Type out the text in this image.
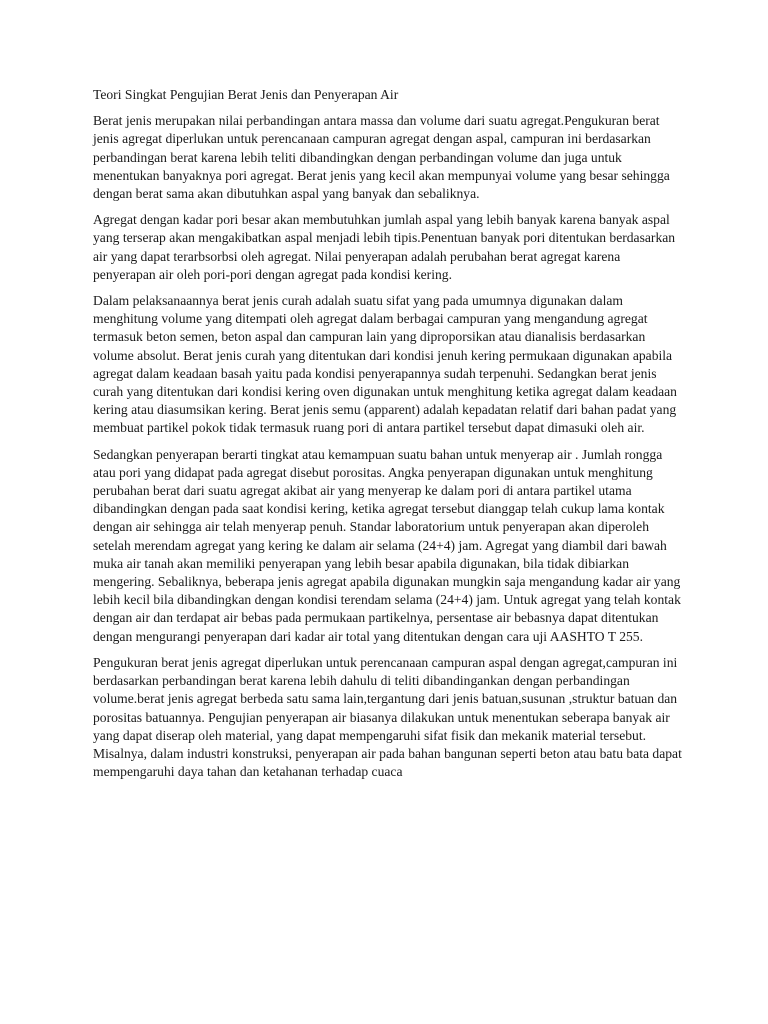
Teori Singkat Pengujian Berat Jenis dan Penyerapan Air

Berat jenis merupakan nilai perbandingan antara massa dan volume dari suatu agregat.Pengukuran berat jenis agregat diperlukan untuk perencanaan campuran agregat dengan aspal, campuran ini berdasarkan perbandingan berat karena lebih teliti dibandingkan dengan perbandingan volume dan juga untuk menentukan banyaknya pori agregat. Berat jenis yang kecil akan mempunyai volume yang besar sehingga dengan berat sama akan dibutuhkan aspal yang banyak dan sebaliknya.

Agregat dengan kadar pori besar akan membutuhkan jumlah aspal yang lebih banyak karena banyak aspal yang terserap akan mengakibatkan aspal menjadi lebih tipis.Penentuan banyak pori ditentukan berdasarkan air yang dapat terarbsorbsi oleh agregat. Nilai penyerapan adalah perubahan berat agregat karena penyerapan air oleh pori-pori dengan agregat pada kondisi kering.

Dalam pelaksanaannya berat jenis curah adalah suatu sifat yang pada umumnya digunakan dalam menghitung volume yang ditempati oleh agregat dalam berbagai campuran yang mengandung agregat termasuk beton semen, beton aspal dan campuran lain yang diproporsikan atau dianalisis berdasarkan volume absolut. Berat jenis curah yang ditentukan dari kondisi jenuh kering permukaan digunakan apabila agregat dalam keadaan basah yaitu pada kondisi penyerapannya sudah terpenuhi. Sedangkan berat jenis curah yang ditentukan dari kondisi kering oven digunakan untuk menghitung ketika agregat dalam keadaan kering atau diasumsikan kering. Berat jenis semu (apparent) adalah kepadatan relatif dari bahan padat yang membuat partikel pokok tidak termasuk ruang pori di antara partikel tersebut dapat dimasuki oleh air.

Sedangkan penyerapan berarti tingkat atau kemampuan suatu bahan untuk menyerap air . Jumlah rongga atau pori yang didapat pada agregat disebut porositas. Angka penyerapan digunakan untuk menghitung perubahan berat dari suatu agregat akibat air yang menyerap ke dalam pori di antara partikel utama dibandingkan dengan pada saat kondisi kering, ketika agregat tersebut dianggap telah cukup lama kontak dengan air sehingga air telah menyerap penuh. Standar laboratorium untuk penyerapan akan diperoleh setelah merendam agregat yang kering ke dalam air selama (24+4) jam. Agregat yang diambil dari bawah muka air tanah akan memiliki penyerapan yang lebih besar apabila digunakan, bila tidak dibiarkan mengering. Sebaliknya, beberapa jenis agregat apabila digunakan mungkin saja mengandung kadar air yang lebih kecil bila dibandingkan dengan kondisi terendam selama (24+4) jam. Untuk agregat yang telah kontak dengan air dan terdapat air bebas pada permukaan partikelnya, persentase air bebasnya dapat ditentukan dengan mengurangi penyerapan dari kadar air total yang ditentukan dengan cara uji AASHTO T 255.

Pengukuran berat jenis agregat diperlukan untuk perencanaan campuran aspal dengan agregat,campuran ini berdasarkan perbandingan berat karena lebih dahulu di teliti dibandingankan dengan perbandingan volume.berat jenis agregat berbeda satu sama lain,tergantung dari jenis batuan,susunan ,struktur batuan dan porositas batuannya. Pengujian penyerapan air biasanya dilakukan untuk menentukan seberapa banyak air yang dapat diserap oleh material, yang dapat mempengaruhi sifat fisik dan mekanik material tersebut. Misalnya, dalam industri konstruksi, penyerapan air pada bahan bangunan seperti beton atau batu bata dapat mempengaruhi daya tahan dan ketahanan terhadap cuaca
